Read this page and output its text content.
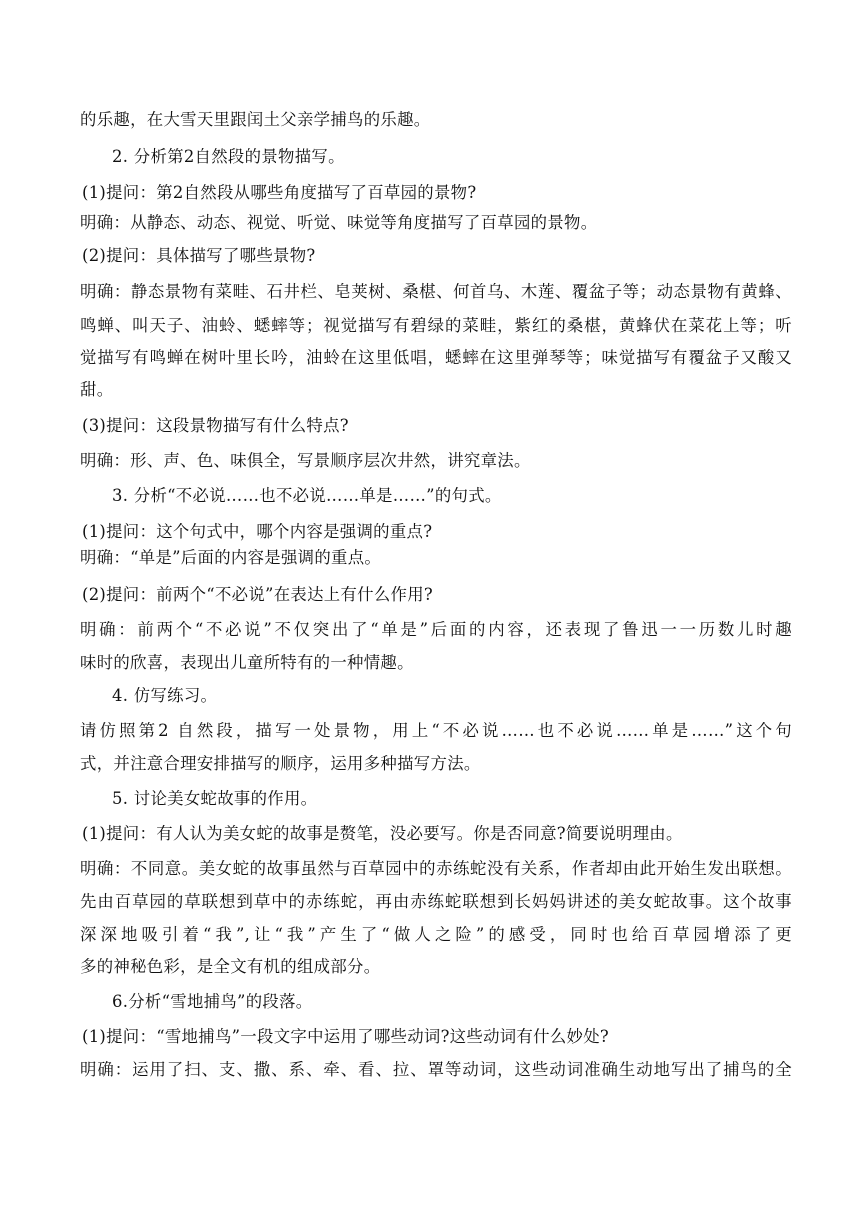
的乐趣，在大雪天里跟闰土父亲学捕鸟的乐趣。
2. 分析第2自然段的景物描写。
(1)提问：第2自然段从哪些角度描写了百草园的景物?
明确：从静态、动态、视觉、听觉、味觉等角度描写了百草园的景物。
(2)提问：具体描写了哪些景物?
明确：静态景物有菜畦、石井栏、皂荚树、桑椹、何首乌、木莲、覆盆子等；动态景物有黄蜂、
鸣蝉、叫天子、油蛉、蟋蟀等；视觉描写有碧绿的菜畦，紫红的桑椹，黄蜂伏在菜花上等；听
觉描写有鸣蝉在树叶里长吟，油蛉在这里低唱，蟋蟀在这里弹琴等；味觉描写有覆盆子又酸又
甜。
(3)提问：这段景物描写有什么特点?
明确：形、声、色、味俱全，写景顺序层次井然，讲究章法。
3. 分析“不必说……也不必说……单是……”的句式。
(1)提问：这个句式中，哪个内容是强调的重点?
明确：“单是”后面的内容是强调的重点。
(2)提问：前两个“不必说”在表达上有什么作用?
明确：前两个“不必说”不仅突出了“单是”后面的内容，还表现了鲁迅一一历数儿时趣
味时的欣喜，表现出儿童所特有的一种情趣。
4. 仿写练习。
请仿照第2 自然段，描写一处景物，用上“不必说……也不必说……单是……”这个句
式，并注意合理安排描写的顺序，运用多种描写方法。
5. 讨论美女蛇故事的作用。
(1)提问：有人认为美女蛇的故事是赘笔，没必要写。你是否同意?简要说明理由。
明确：不同意。美女蛇的故事虽然与百草园中的赤练蛇没有关系，作者却由此开始生发出联想。
先由百草园的草联想到草中的赤练蛇，再由赤练蛇联想到长妈妈讲述的美女蛇故事。这个故事
深深地吸引着“我”,让“我”产生了“做人之险”的感受，同时也给百草园增添了更
多的神秘色彩，是全文有机的组成部分。
6.分析“雪地捕鸟”的段落。
(1)提问：“雪地捕鸟”一段文字中运用了哪些动词?这些动词有什么妙处?
明确：运用了扫、支、撒、系、牵、看、拉、罩等动词，这些动词准确生动地写出了捕鸟的全
